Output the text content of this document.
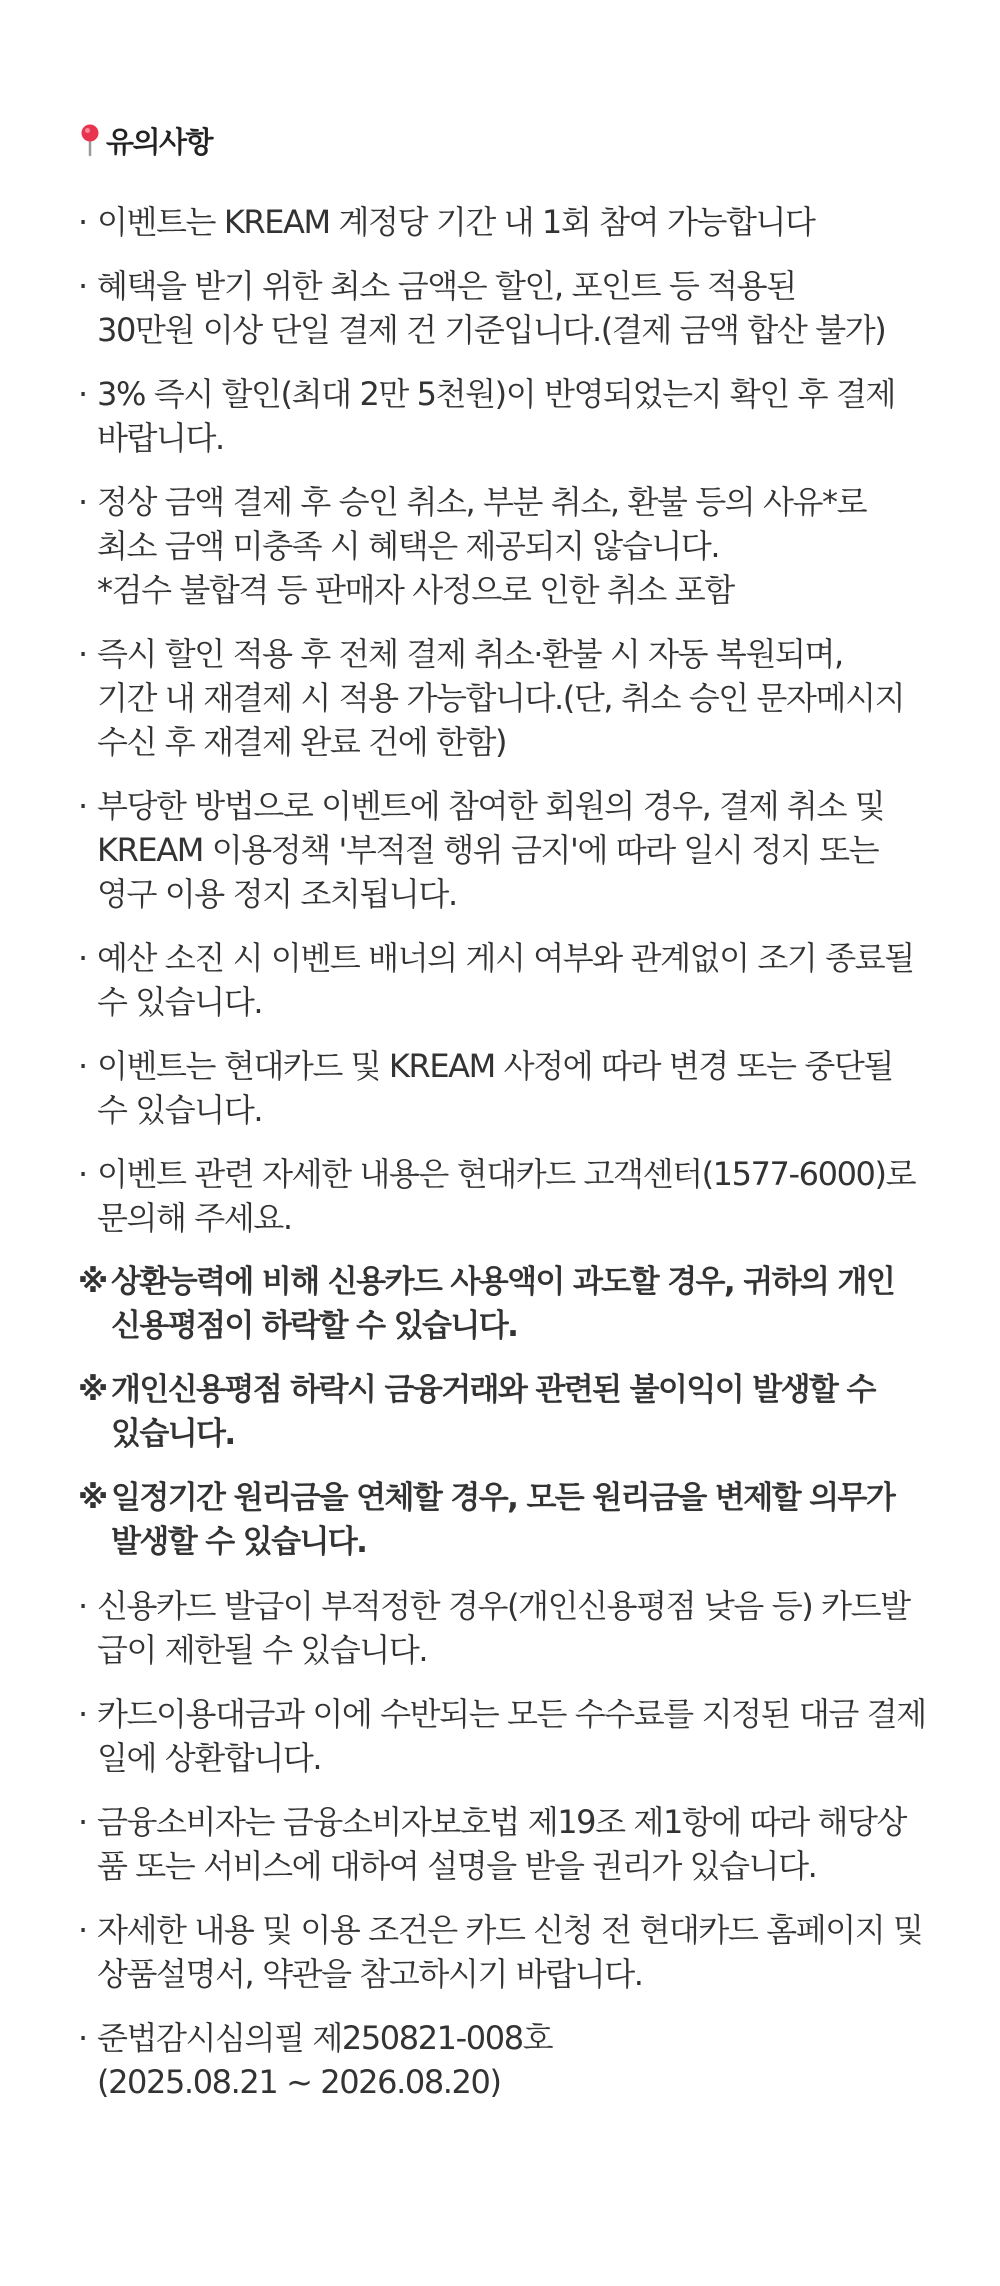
유의사항
· 이벤트는 KREAM 계정당 기간 내 1회 참여 가능합니다
· 혜택을 받기 위한 최소 금액은 할인, 포인트 등 적용된
30만원 이상 단일 결제 건 기준입니다.(결제 금액 합산 불가)
· 3% 즉시 할인(최대 2만 5천원)이 반영되었는지 확인 후 결제
바랍니다.
· 정상 금액 결제 후 승인 취소, 부분 취소, 환불 등의 사유*로
최소 금액 미충족 시 혜택은 제공되지 않습니다.
*검수 불합격 등 판매자 사정으로 인한 취소 포함
· 즉시 할인 적용 후 전체 결제 취소·환불 시 자동 복원되며,
기간 내 재결제 시 적용 가능합니다.(단, 취소 승인 문자메시지
수신 후 재결제 완료 건에 한함)
· 부당한 방법으로 이벤트에 참여한 회원의 경우, 결제 취소 및
KREAM 이용정책 '부적절 행위 금지'에 따라 일시 정지 또는
영구 이용 정지 조치됩니다.
· 예산 소진 시 이벤트 배너의 게시 여부와 관계없이 조기 종료될
수 있습니다.
· 이벤트는 현대카드 및 KREAM 사정에 따라 변경 또는 중단될
수 있습니다.
· 이벤트 관련 자세한 내용은 현대카드 고객센터(1577-6000)로
문의해 주세요.
※ 상환능력에 비해 신용카드 사용액이 과도할 경우, 귀하의 개인
신용평점이 하락할 수 있습니다.
※ 개인신용평점 하락시 금융거래와 관련된 불이익이 발생할 수
있습니다.
※ 일정기간 원리금을 연체할 경우, 모든 원리금을 변제할 의무가
발생할 수 있습니다.
· 신용카드 발급이 부적정한 경우(개인신용평점 낮음 등) 카드발
급이 제한될 수 있습니다.
· 카드이용대금과 이에 수반되는 모든 수수료를 지정된 대금 결제
일에 상환합니다.
· 금융소비자는 금융소비자보호법 제19조 제1항에 따라 해당상
품 또는 서비스에 대하여 설명을 받을 권리가 있습니다.
· 자세한 내용 및 이용 조건은 카드 신청 전 현대카드 홈페이지 및
상품설명서, 약관을 참고하시기 바랍니다.
· 준법감시심의필 제250821-008호
(2025.08.21 ~ 2026.08.20)
